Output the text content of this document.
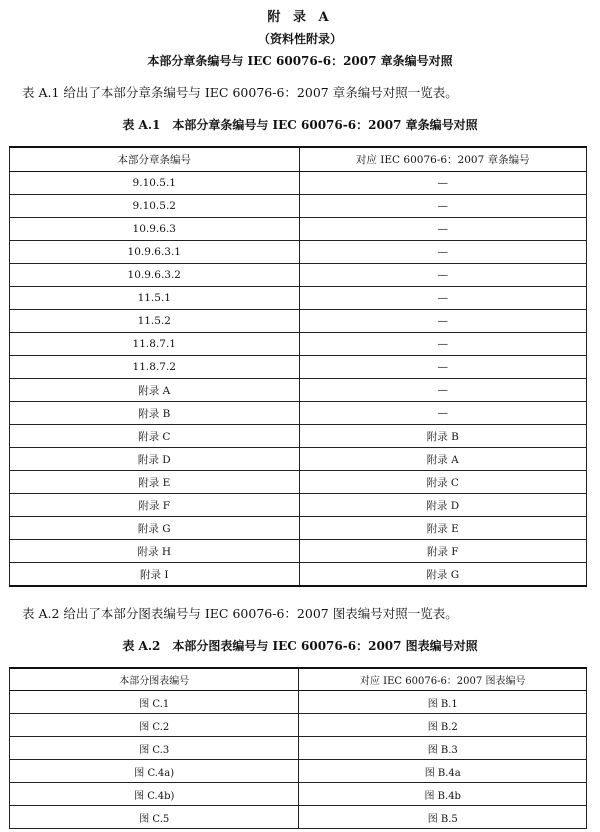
附 录 A
（资料性附录）
本部分章条编号与 IEC 60076-6：2007 章条编号对照
表 A.1 给出了本部分章条编号与 IEC 60076-6：2007 章条编号对照一览表。
表 A.1　本部分章条编号与 IEC 60076-6：2007 章条编号对照
本部分章条编号	对应 IEC 60076-6：2007 章条编号
9.10.5.1	—
9.10.5.2	—
10.9.6.3	—
10.9.6.3.1	—
10.9.6.3.2	—
11.5.1	—
11.5.2	—
11.8.7.1	—
11.8.7.2	—
附录 A	—
附录 B	—
附录 C	附录 B
附录 D	附录 A
附录 E	附录 C
附录 F	附录 D
附录 G	附录 E
附录 H	附录 F
附录 I	附录 G
表 A.2 给出了本部分图表编号与 IEC 60076-6：2007 图表编号对照一览表。
表 A.2　本部分图表编号与 IEC 60076-6：2007 图表编号对照
本部分图表编号	对应 IEC 60076-6：2007 图表编号
图 C.1	图 B.1
图 C.2	图 B.2
图 C.3	图 B.3
图 C.4a)	图 B.4a
图 C.4b)	图 B.4b
图 C.5	图 B.5
